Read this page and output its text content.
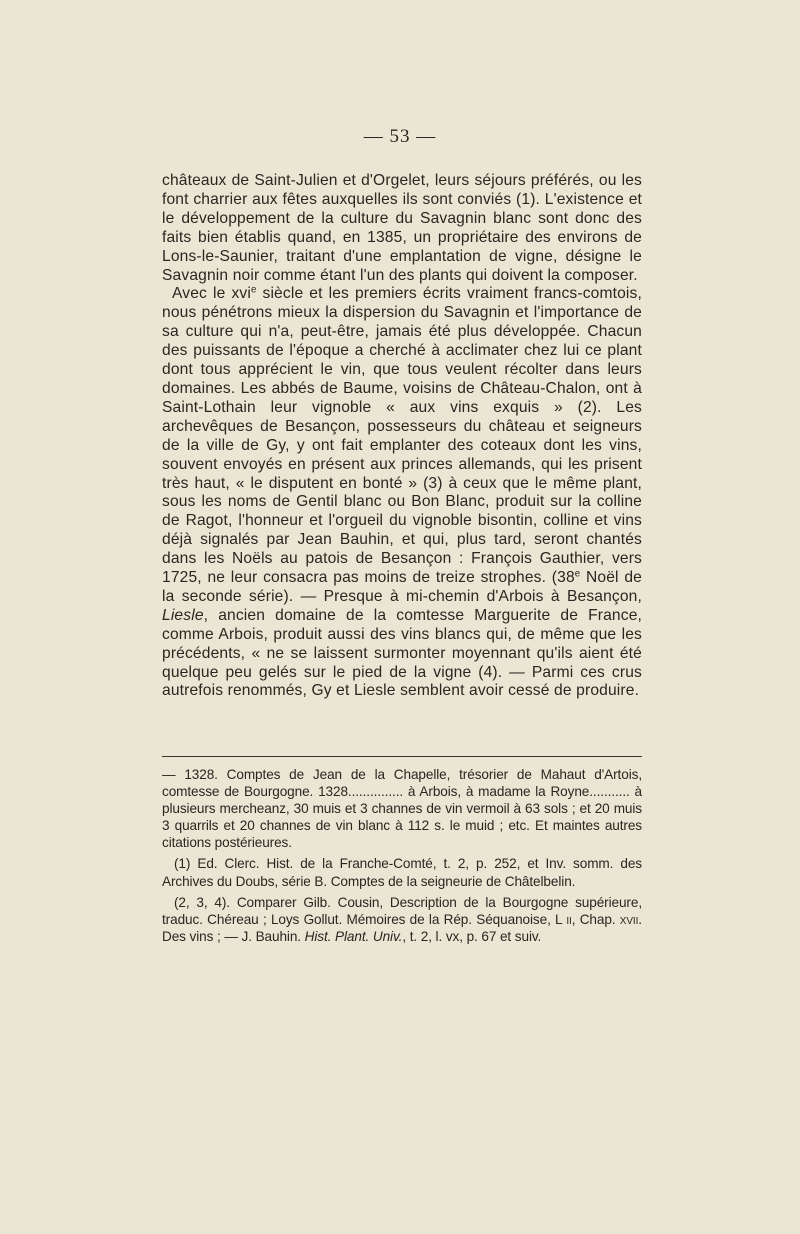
— 53 —

châteaux de Saint-Julien et d'Orgelet, leurs séjours préférés, ou les font charrier aux fêtes auxquelles ils sont conviés (1). L'existence et le développement de la culture du Savagnin blanc sont donc des faits bien établis quand, en 1385, un propriétaire des environs de Lons-le-Saunier, traitant d'une emplantation de vigne, désigne le Savagnin noir comme étant l'un des plants qui doivent la composer.

Avec le xvi$^e$ siècle et les premiers écrits vraiment francs-comtois, nous pénétrons mieux la dispersion du Savagnin et l'importance de sa culture qui n'a, peut-être, jamais été plus développée. Chacun des puissants de l'époque a cherché à acclimater chez lui ce plant dont tous apprécient le vin, que tous veulent récolter dans leurs domaines. Les abbés de Baume, voisins de Château-Chalon, ont à Saint-Lothain leur vignoble « aux vins exquis » (2). Les archevêques de Besançon, possesseurs du château et seigneurs de la ville de Gy, y ont fait emplanter des coteaux dont les vins, souvent envoyés en présent aux princes allemands, qui les prisent très haut, « le disputent en bonté » (3) à ceux que le même plant, sous les noms de Gentil blanc ou Bon Blanc, produit sur la colline de Ragot, l'honneur et l'orgueil du vignoble bisontin, colline et vins déjà signalés par Jean Bauhin, et qui, plus tard, seront chantés dans les Noëls au patois de Besançon : François Gauthier, vers 1725, ne leur consacra pas moins de treize strophes. (38e Noël de la seconde série). — Presque à mi-chemin d'Arbois à Besançon, Liesle, ancien domaine de la comtesse Marguerite de France, comme Arbois, produit aussi des vins blancs qui, de même que les précédents, « ne se laissent surmonter moyennant qu'ils aient été quelque peu gelés sur le pied de la vigne (4). — Parmi ces crus autrefois renommés, Gy et Liesle semblent avoir cessé de produire.

— 1328. Comptes de Jean de la Chapelle, trésorier de Mahaut d'Artois, comtesse de Bourgogne. 1328............... à Arbois, à madame la Royne........... à plusieurs mercheanz, 30 muis et 3 channes de vin vermoil à 63 sols ; et 20 muis 3 quarrils et 20 channes de vin blanc à 112 s. le muid ; etc. Et maintes autres citations postérieures.

(1) Ed. Clerc. Hist. de la Franche-Comté, t. 2, p. 252, et Inv. somm. des Archives du Doubs, série B. Comptes de la seigneurie de Châtelbelin.

(2, 3, 4). Comparer Gilb. Cousin, Description de la Bourgogne supérieure, traduc. Chéreau ; Loys Gollut. Mémoires de la Rép. Séquanoise, L ii, Chap. xvii. Des vins ; — J. Bauhin. Hist. Plant. Univ., t. 2, l. vx, p. 67 et suiv.
